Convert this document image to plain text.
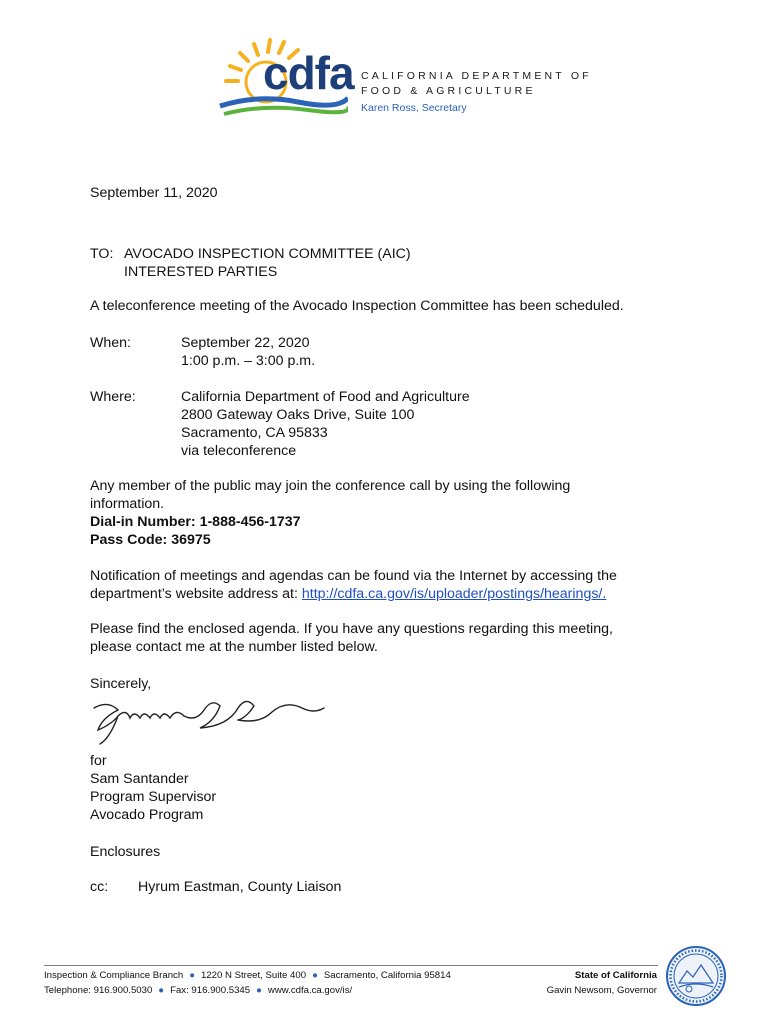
cdfa CALIFORNIA DEPARTMENT OF
FOOD & AGRICULTURE
Karen Ross, Secretary
September 11, 2020
TO: AVOCADO INSPECTION COMMITTEE (AIC)
INTERESTED PARTIES
A teleconference meeting of the Avocado Inspection Committee has been scheduled.
When:	September 22, 2020
1:00 p.m. – 3:00 p.m.
Where:	California Department of Food and Agriculture
2800 Gateway Oaks Drive, Suite 100
Sacramento, CA 95833
via teleconference
Any member of the public may join the conference call by using the following
information.
Dial-in Number: 1-888-456-1737
Pass Code: 36975
Notification of meetings and agendas can be found via the Internet by accessing the
department’s website address at: http://cdfa.ca.gov/is/uploader/postings/hearings/.
Please find the enclosed agenda. If you have any questions regarding this meeting,
please contact me at the number listed below.
Sincerely,
for
Sam Santander
Program Supervisor
Avocado Program
Enclosures
cc: Hyrum Eastman, County Liaison
Inspection & Compliance Branch ● 1220 N Street, Suite 400 ● Sacramento, California 95814
Telephone: 916.900.5030 ● Fax: 916.900.5345 ● www.cdfa.ca.gov/is/
State of California
Gavin Newsom, Governor
